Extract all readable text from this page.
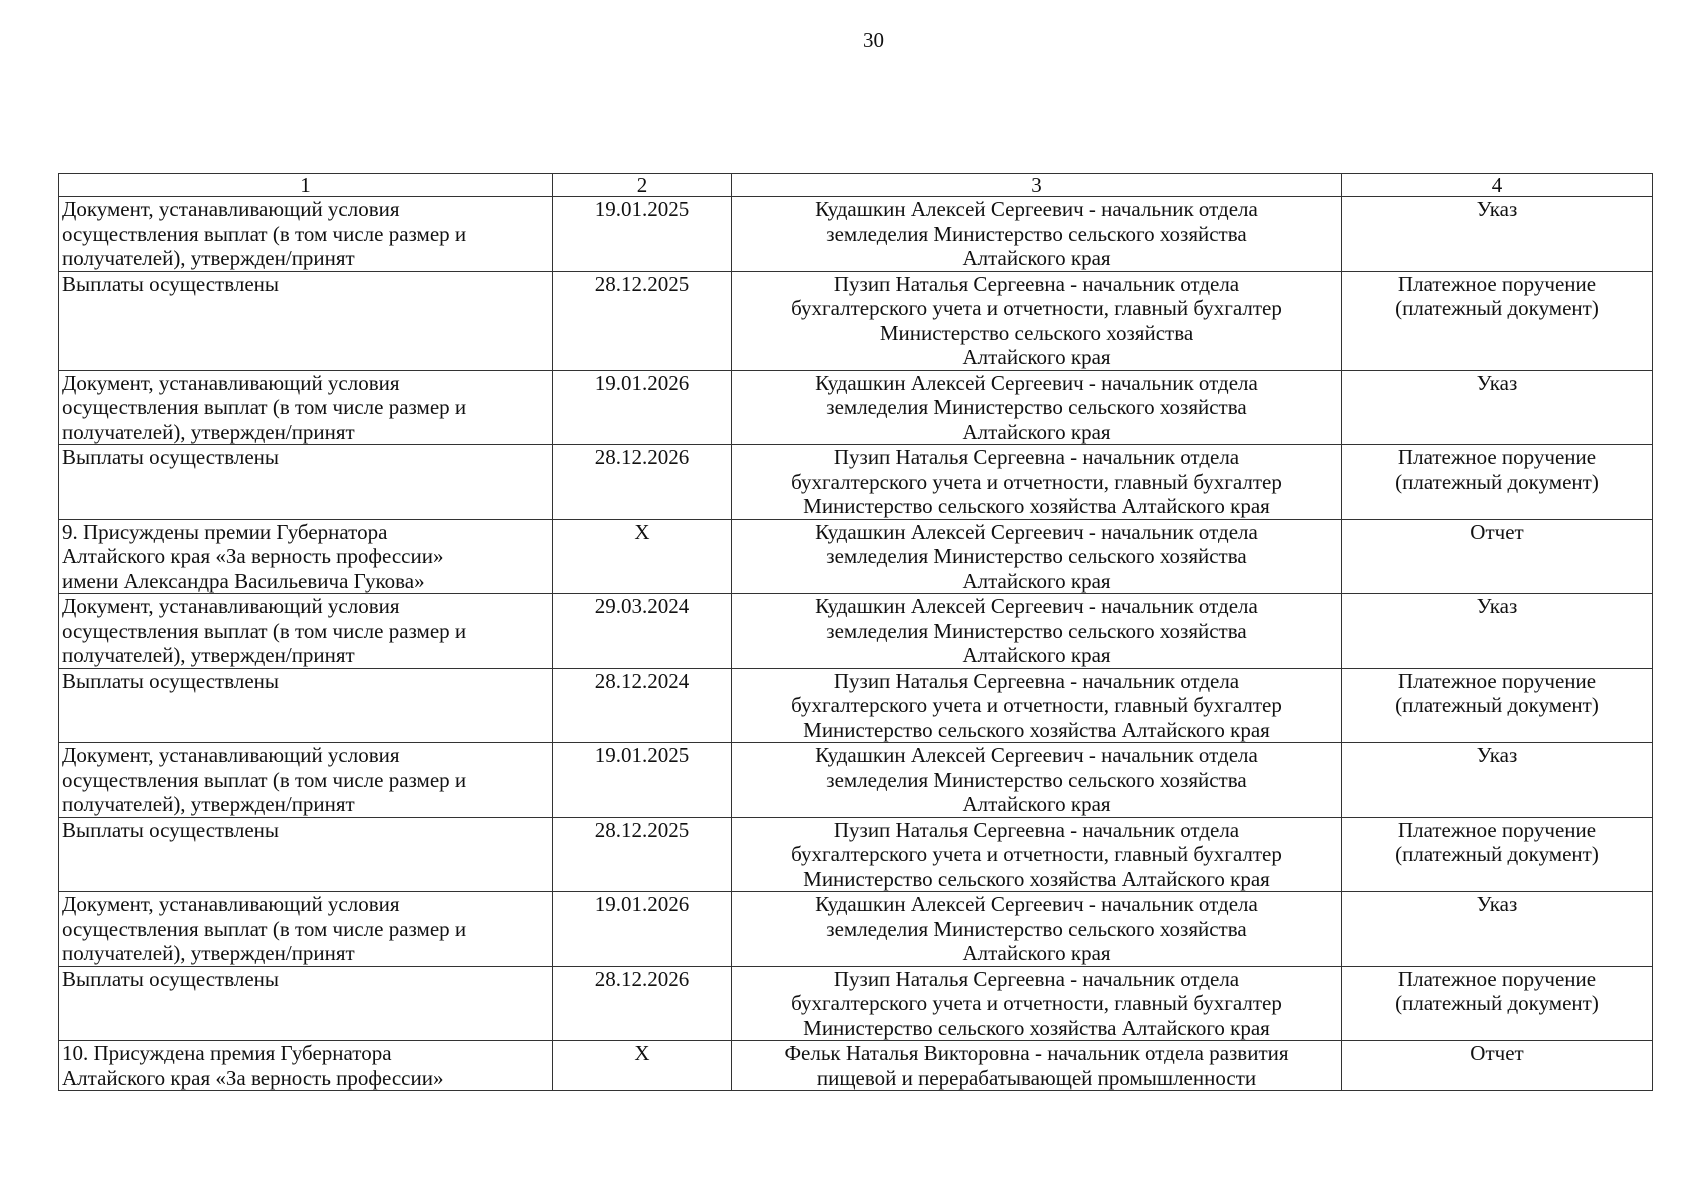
30
1	2	3	4
Документ, устанавливающий условия
осуществления выплат (в том числе размер и
получателей), утвержден/принят	19.01.2025	Кудашкин Алексей Сергеевич - начальник отдела
земледелия Министерство сельского хозяйства
Алтайского края	Указ
Выплаты осуществлены	28.12.2025	Пузип Наталья Сергеевна - начальник отдела
бухгалтерского учета и отчетности, главный бухгалтер
Министерство сельского хозяйства
Алтайского края	Платежное поручение
(платежный документ)
Документ, устанавливающий условия
осуществления выплат (в том числе размер и
получателей), утвержден/принят	19.01.2026	Кудашкин Алексей Сергеевич - начальник отдела
земледелия Министерство сельского хозяйства
Алтайского края	Указ
Выплаты осуществлены	28.12.2026	Пузип Наталья Сергеевна - начальник отдела
бухгалтерского учета и отчетности, главный бухгалтер
Министерство сельского хозяйства Алтайского края	Платежное поручение
(платежный документ)
9. Присуждены премии Губернатора
Алтайского края «За верность профессии»
имени Александра Васильевича Гукова»	X	Кудашкин Алексей Сергеевич - начальник отдела
земледелия Министерство сельского хозяйства
Алтайского края	Отчет
Документ, устанавливающий условия
осуществления выплат (в том числе размер и
получателей), утвержден/принят	29.03.2024	Кудашкин Алексей Сергеевич - начальник отдела
земледелия Министерство сельского хозяйства
Алтайского края	Указ
Выплаты осуществлены	28.12.2024	Пузип Наталья Сергеевна - начальник отдела
бухгалтерского учета и отчетности, главный бухгалтер
Министерство сельского хозяйства Алтайского края	Платежное поручение
(платежный документ)
Документ, устанавливающий условия
осуществления выплат (в том числе размер и
получателей), утвержден/принят	19.01.2025	Кудашкин Алексей Сергеевич - начальник отдела
земледелия Министерство сельского хозяйства
Алтайского края	Указ
Выплаты осуществлены	28.12.2025	Пузип Наталья Сергеевна - начальник отдела
бухгалтерского учета и отчетности, главный бухгалтер
Министерство сельского хозяйства Алтайского края	Платежное поручение
(платежный документ)
Документ, устанавливающий условия
осуществления выплат (в том числе размер и
получателей), утвержден/принят	19.01.2026	Кудашкин Алексей Сергеевич - начальник отдела
земледелия Министерство сельского хозяйства
Алтайского края	Указ
Выплаты осуществлены	28.12.2026	Пузип Наталья Сергеевна - начальник отдела
бухгалтерского учета и отчетности, главный бухгалтер
Министерство сельского хозяйства Алтайского края	Платежное поручение
(платежный документ)
10. Присуждена премия Губернатора
Алтайского края «За верность профессии»	X	Фельк Наталья Викторовна - начальник отдела развития
пищевой и перерабатывающей промышленности	Отчет
